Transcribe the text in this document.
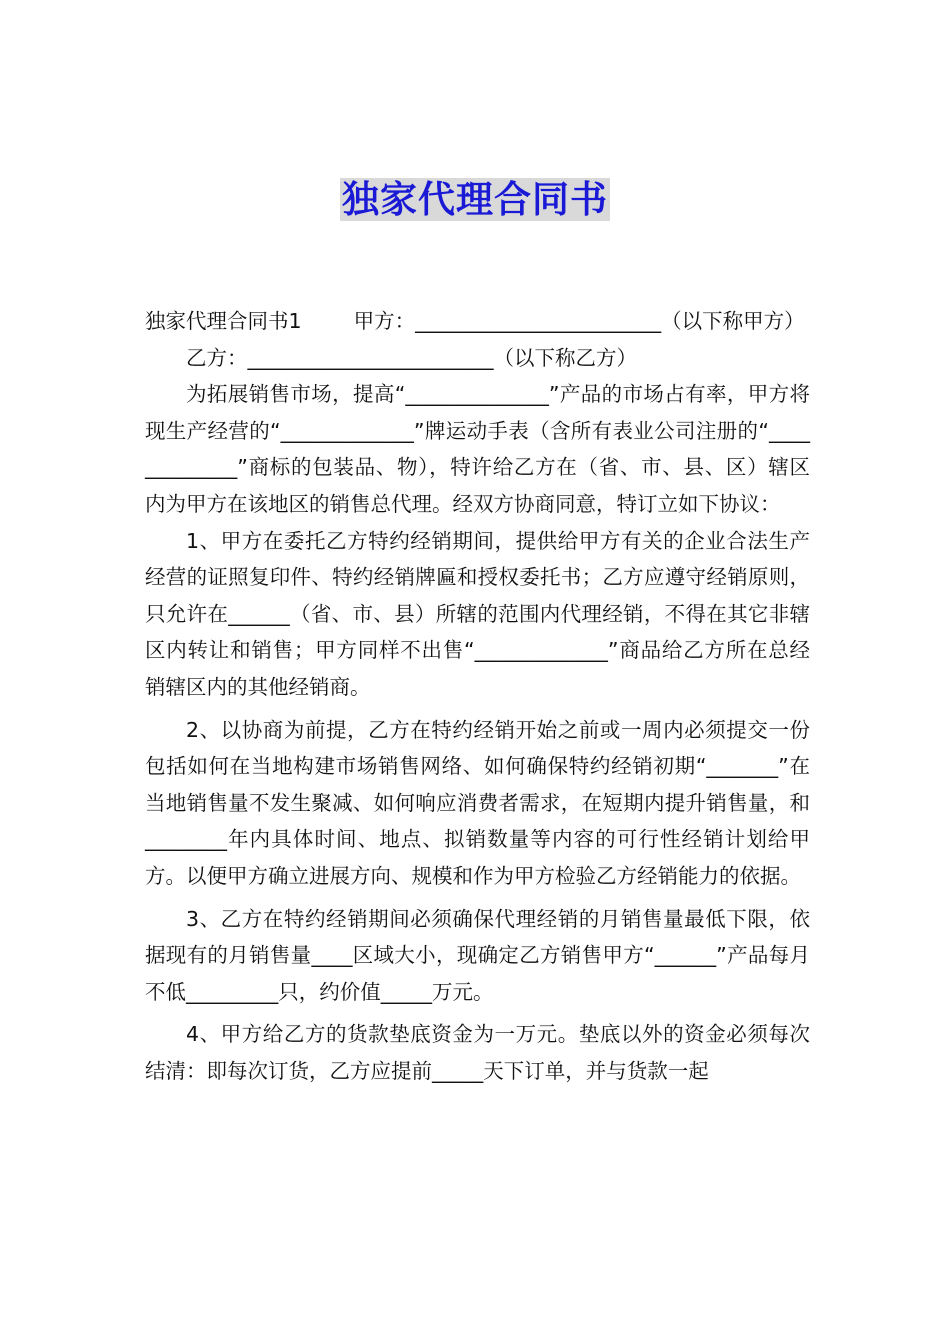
独家代理合同书

独家代理合同书1        甲方：________________________（以下称甲方）

乙方：________________________（以下称乙方）

为拓展销售市场，提高“______________”产品的市场占有率，甲方将现生产经营的“_____________”牌运动手表（含所有表业公司注册的“_____________”商标的包装品、物），特许给乙方在（省、市、县、区）辖区内为甲方在该地区的销售总代理。经双方协商同意，特订立如下协议：

1、甲方在委托乙方特约经销期间，提供给甲方有关的企业合法生产经营的证照复印件、特约经销牌匾和授权委托书；乙方应遵守经销原则，只允许在______（省、市、县）所辖的范围内代理经销，不得在其它非辖区内转让和销售；甲方同样不出售“_____________”商品给乙方所在总经销辖区内的其他经销商。

2、以协商为前提，乙方在特约经销开始之前或一周内必须提交一份包括如何在当地构建市场销售网络、如何确保特约经销初期“_______”在当地销售量不发生聚减、如何响应消费者需求，在短期内提升销售量，和________年内具体时间、地点、拟销数量等内容的可行性经销计划给甲方。以便甲方确立进展方向、规模和作为甲方检验乙方经销能力的依据。

3、乙方在特约经销期间必须确保代理经销的月销售量最低下限，依据现有的月销售量____区域大小，现确定乙方销售甲方“______”产品每月不低_________只，约价值_____万元。

4、甲方给乙方的货款垫底资金为一万元。垫底以外的资金必须每次结清：即每次订货，乙方应提前_____天下订单，并与货款一起
